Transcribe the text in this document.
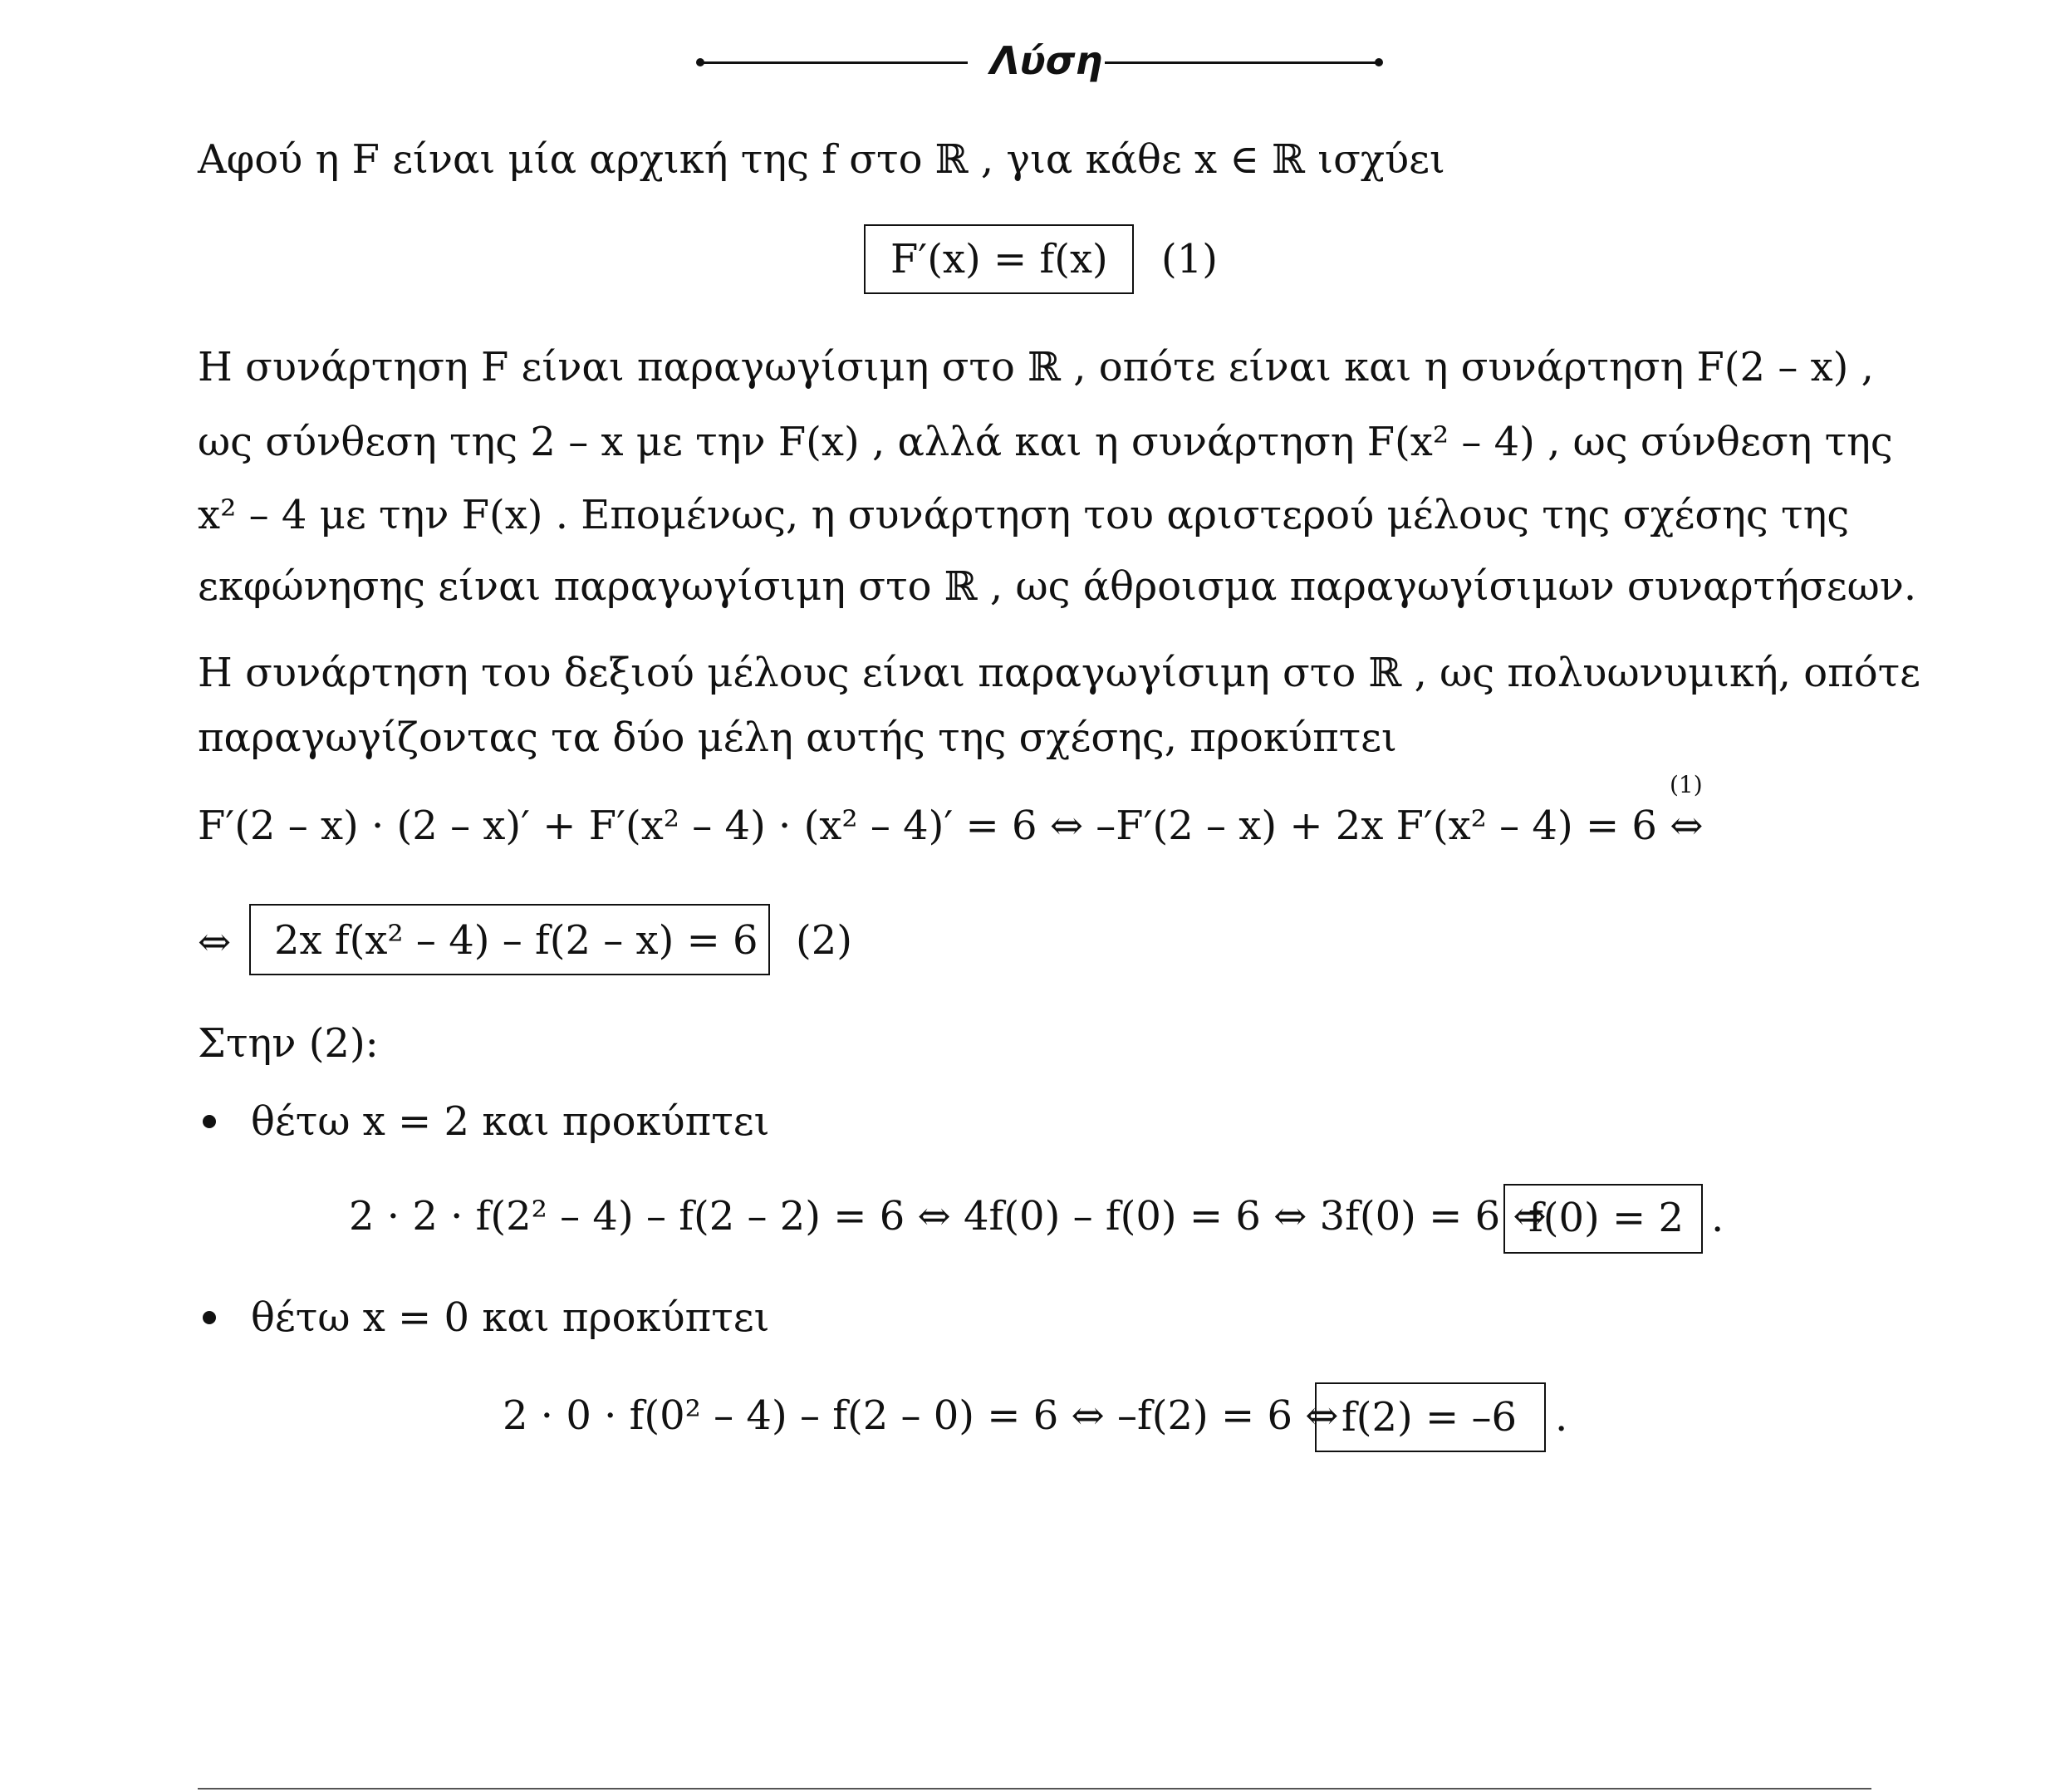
Λύση
Αφού η F είναι μία αρχική της f στο ℝ , για κάθε x ∈ ℝ ισχύει
F′(x) = f(x) (1)
Η συνάρτηση F είναι παραγωγίσιμη στο ℝ , οπότε είναι και η συνάρτηση F(2 – x) ,
ως σύνθεση της 2 – x με την F(x) , αλλά και η συνάρτηση F(x² – 4) , ως σύνθεση της
x² – 4 με την F(x) . Επομένως, η συνάρτηση του αριστερού μέλους της σχέσης της
εκφώνησης είναι παραγωγίσιμη στο ℝ , ως άθροισμα παραγωγίσιμων συναρτήσεων.
Η συνάρτηση του δεξιού μέλους είναι παραγωγίσιμη στο ℝ , ως πολυωνυμική, οπότε
παραγωγίζοντας τα δύο μέλη αυτής της σχέσης, προκύπτει
(1)
F′(2 – x) · (2 – x)′ + F′(x² – 4) · (x² – 4)′ = 6 ⇔ –F′(2 – x) + 2x F′(x² – 4) = 6 ⇔
⇔ 2x f(x² – 4) – f(2 – x) = 6 (2)
Στην (2):
θέτω x = 2 και προκύπτει
2 · 2 · f(2² – 4) – f(2 – 2) = 6 ⇔ 4f(0) – f(0) = 6 ⇔ 3f(0) = 6 ⇔
f(0) = 2 .
θέτω x = 0 και προκύπτει
2 · 0 · f(0² – 4) – f(2 – 0) = 6 ⇔ –f(2) = 6 ⇔ f(2) = –6 .
